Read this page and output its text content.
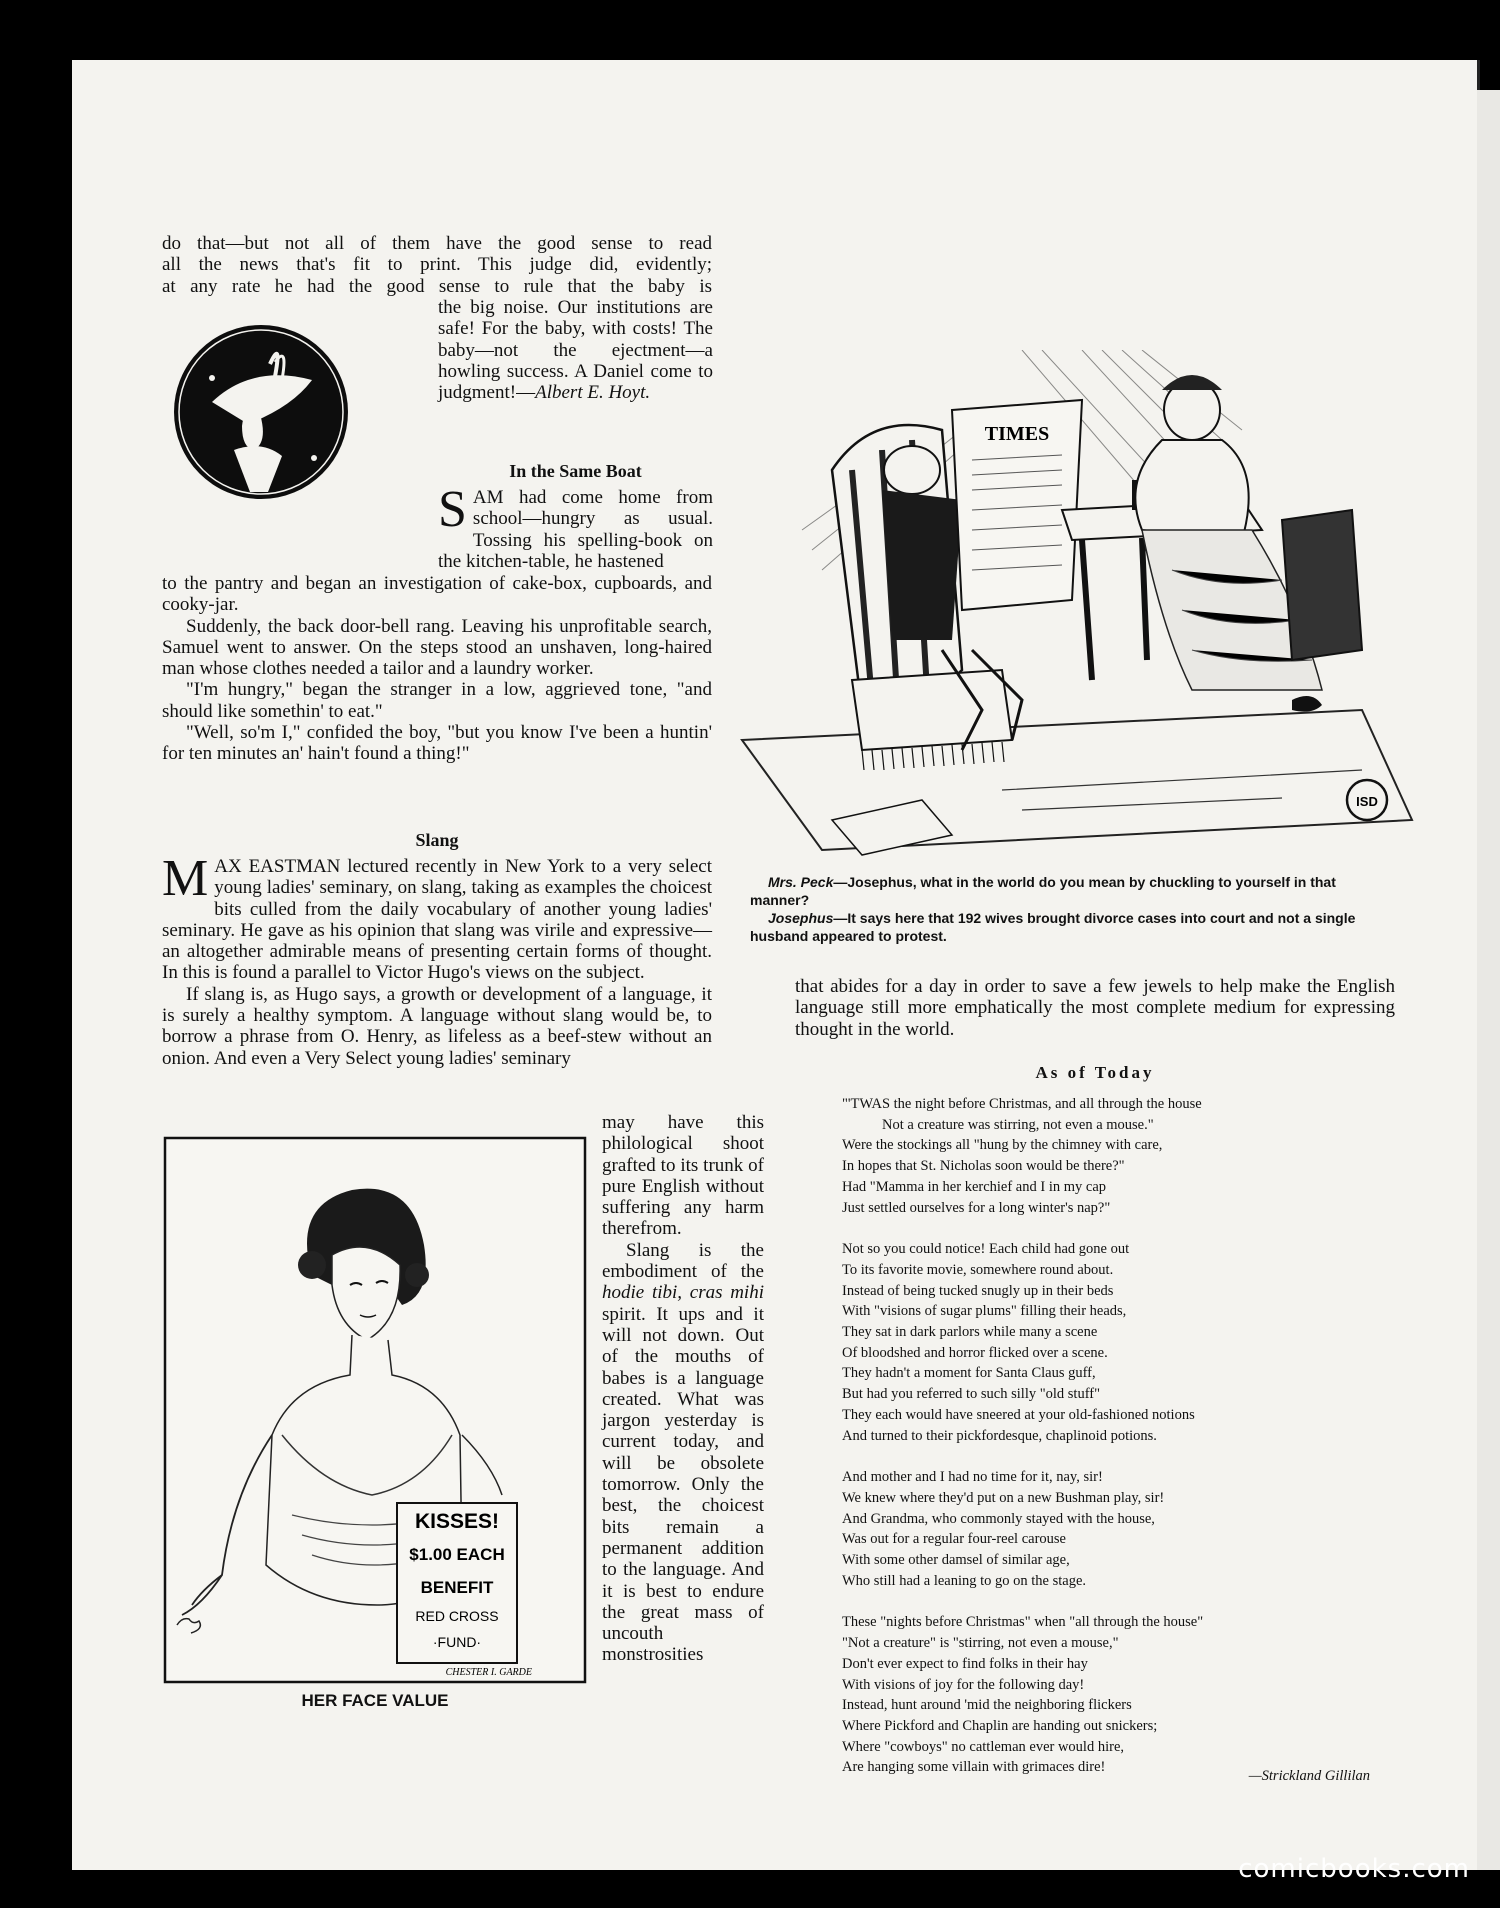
do that—but not all of them have the good sense to read

all the news that's fit to print. This judge did, evidently;

at any rate he had the good sense to rule that the baby is

the big noise. Our institutions are safe! For the baby, with costs! The baby—not the ejectment—a howling success. A Daniel come to judgment!—Albert E. Hoyt.
In the Same Boat
SAM had come home from school—hungry as usual. Tossing his spelling-book on the kitchen-table, he hastened

to the pantry and began an investigation of cake-box, cupboards, and cooky-jar.

Suddenly, the back door-bell rang. Leaving his unprofitable search, Samuel went to answer. On the steps stood an unshaven, long-haired man whose clothes needed a tailor and a laundry worker.

"I'm hungry," began the stranger in a low, aggrieved tone, "and should like somethin' to eat."

"Well, so'm I," confided the boy, "but you know I've been a huntin' for ten minutes an' hain't found a thing!"

Slang

MAX EASTMAN lectured recently in New York to a very select young ladies' seminary, on slang, taking as examples the choicest bits culled from the daily vocabulary of another young ladies' seminary. He gave as his opinion that slang was virile and expressive—an altogether admirable means of presenting certain forms of thought. In this is found a parallel to Victor Hugo's views on the subject.

If slang is, as Hugo says, a growth or development of a language, it is surely a healthy symptom. A language without slang would be, to borrow a phrase from O. Henry, as lifeless as a beef-stew without an onion. And even a Very Select young ladies' seminary

KISSES!
$1.00 EACH
BENEFIT
RED CROSS
·FUND·
CHESTER I. GARDE
HER FACE VALUE

may have this philological shoot grafted to its trunk of pure English without suffering any harm therefrom.

Slang is the embodiment of the hodie tibi, cras mihi spirit. It ups and it will not down. Out of the mouths of babes is a language created. What was jargon yesterday is current today, and will be obsolete tomorrow. Only the best, the choicest bits remain a permanent addition to the language. And it is best to endure the great mass of uncouth monstrosities

TIMES
ISD
Mrs. Peck—Josephus, what in the world do you mean by chuckling to yourself in that manner?
Josephus—It says here that 192 wives brought divorce cases into court and not a single husband appeared to protest.
that abides for a day in order to save a few jewels to help make the English language still more emphatically the most complete medium for expressing thought in the world.
As of Today
"'TWAS the night before Christmas, and all through the house
Not a creature was stirring, not even a mouse."
Were the stockings all "hung by the chimney with care,
In hopes that St. Nicholas soon would be there?"
Had "Mamma in her kerchief and I in my cap
Just settled ourselves for a long winter's nap?"
Not so you could notice! Each child had gone out
To its favorite movie, somewhere round about.
Instead of being tucked snugly up in their beds
With "visions of sugar plums" filling their heads,
They sat in dark parlors while many a scene
Of bloodshed and horror flicked over a scene.
They hadn't a moment for Santa Claus guff,
But had you referred to such silly "old stuff"
They each would have sneered at your old-fashioned notions
And turned to their pickfordesque, chaplinoid potions.
And mother and I had no time for it, nay, sir!
We knew where they'd put on a new Bushman play, sir!
And Grandma, who commonly stayed with the house,
Was out for a regular four-reel carouse
With some other damsel of similar age,
Who still had a leaning to go on the stage.
These "nights before Christmas" when "all through the house"
"Not a creature" is "stirring, not even a mouse,"
Don't ever expect to find folks in their hay
With visions of joy for the following day!
Instead, hunt around 'mid the neighboring flickers
Where Pickford and Chaplin are handing out snickers;
Where "cowboys" no cattleman ever would hire,
Are hanging some villain with grimaces dire!
—Strickland Gillilan
comicbooks.com
